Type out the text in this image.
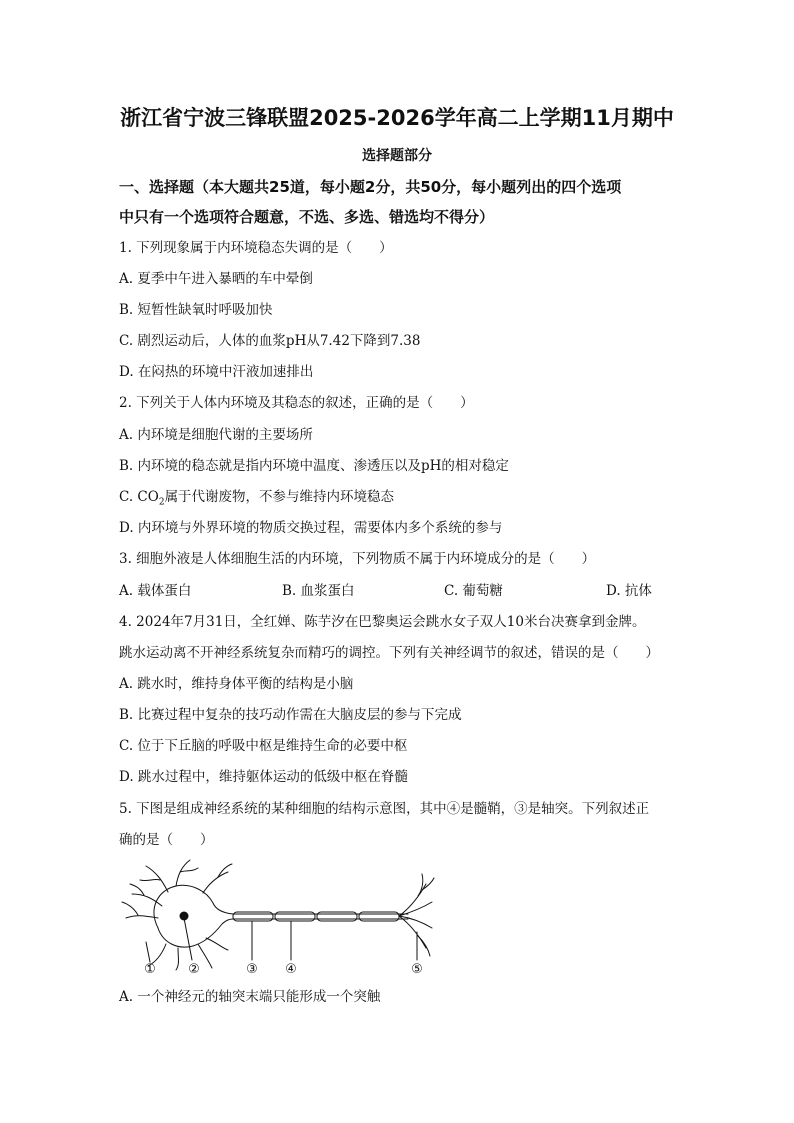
浙江省宁波三锋联盟2025-2026学年高二上学期11月期中
选择题部分
一、选择题（本大题共25道，每小题2分，共50分，每小题列出的四个选项
中只有一个选项符合题意，不选、多选、错选均不得分）
1. 下列现象属于内环境稳态失调的是（　　）
A. 夏季中午进入暴晒的车中晕倒
B. 短暂性缺氧时呼吸加快
C. 剧烈运动后，人体的血浆pH从7.42下降到7.38
D. 在闷热的环境中汗液加速排出
2. 下列关于人体内环境及其稳态的叙述，正确的是（　　）
A. 内环境是细胞代谢的主要场所
B. 内环境的稳态就是指内环境中温度、渗透压以及pH的相对稳定
C. $CO_2$属于代谢废物，不参与维持内环境稳态
D. 内环境与外界环境的物质交换过程，需要体内多个系统的参与
3. 细胞外液是人体细胞生活的内环境，下列物质不属于内环境成分的是（　　）
A. 载体蛋白	B. 血浆蛋白	C. 葡萄糖	D. 抗体
4. 2024年7月31日，全红婵、陈芋汐在巴黎奥运会跳水女子双人10米台决赛拿到金牌。
跳水运动离不开神经系统复杂而精巧的调控。下列有关神经调节的叙述，错误的是（　　）
A. 跳水时，维持身体平衡的结构是小脑
B. 比赛过程中复杂的技巧动作需在大脑皮层的参与下完成
C. 位于下丘脑的呼吸中枢是维持生命的必要中枢
D. 跳水过程中，维持躯体运动的低级中枢在脊髓
5. 下图是组成神经系统的某种细胞的结构示意图，其中④是髓鞘，③是轴突。下列叙述正
确的是（　　）
① ②	③ ④	⑤
A. 一个神经元的轴突末端只能形成一个突触
